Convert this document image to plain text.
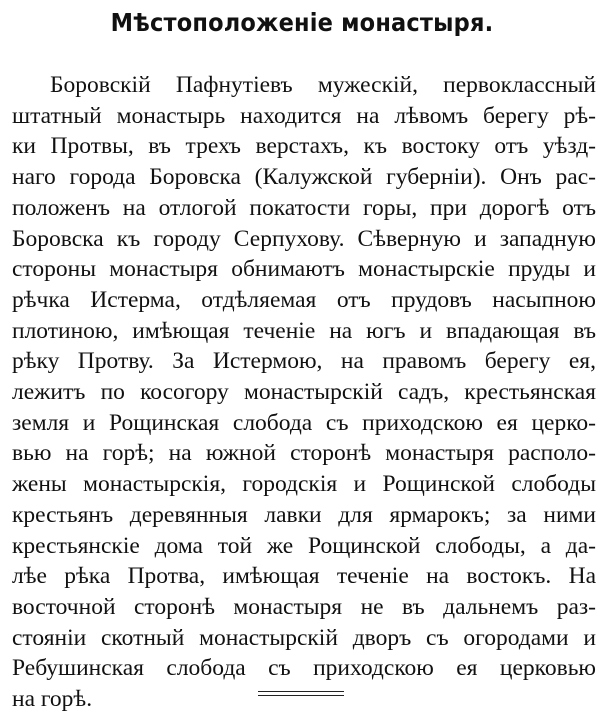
Мѣстоположеніе монастыря.
Боровскій Пафнутіевъ мужескій, первоклассный
штатный монастырь находится на лѣвомъ берегу рѣ-
ки Протвы, въ трехъ верстахъ, къ востоку отъ уѣзд-
наго города Боровска (Калужской губерніи). Онъ рас-
положенъ на отлогой покатости горы, при дорогѣ отъ
Боровска къ городу Серпухову. Сѣверную и западную
стороны монастыря обнимаютъ монастырскіе пруды и
рѣчка Истерма, отдѣляемая отъ прудовъ насыпною
плотиною, имѣющая теченіе на югъ и впадающая въ
рѣку Протву. За Истермою, на правомъ берегу ея,
лежитъ по косогору монастырскій садъ, крестьянская
земля и Рощинская слобода съ приходскою ея церко-
вью на горѣ; на южной сторонѣ монастыря располо-
жены монастырскія, городскія и Рощинской слободы
крестьянъ деревянныя лавки для ярмарокъ; за ними
крестьянскіе дома той же Рощинской слободы, а да-
лѣе рѣка Протва, имѣющая теченіе на востокъ. На
восточной сторонѣ монастыря не въ дальнемъ раз-
стояніи скотный монастырскій дворъ съ огородами и
Ребушинская слобода съ приходскою ея церковью
на горѣ.
